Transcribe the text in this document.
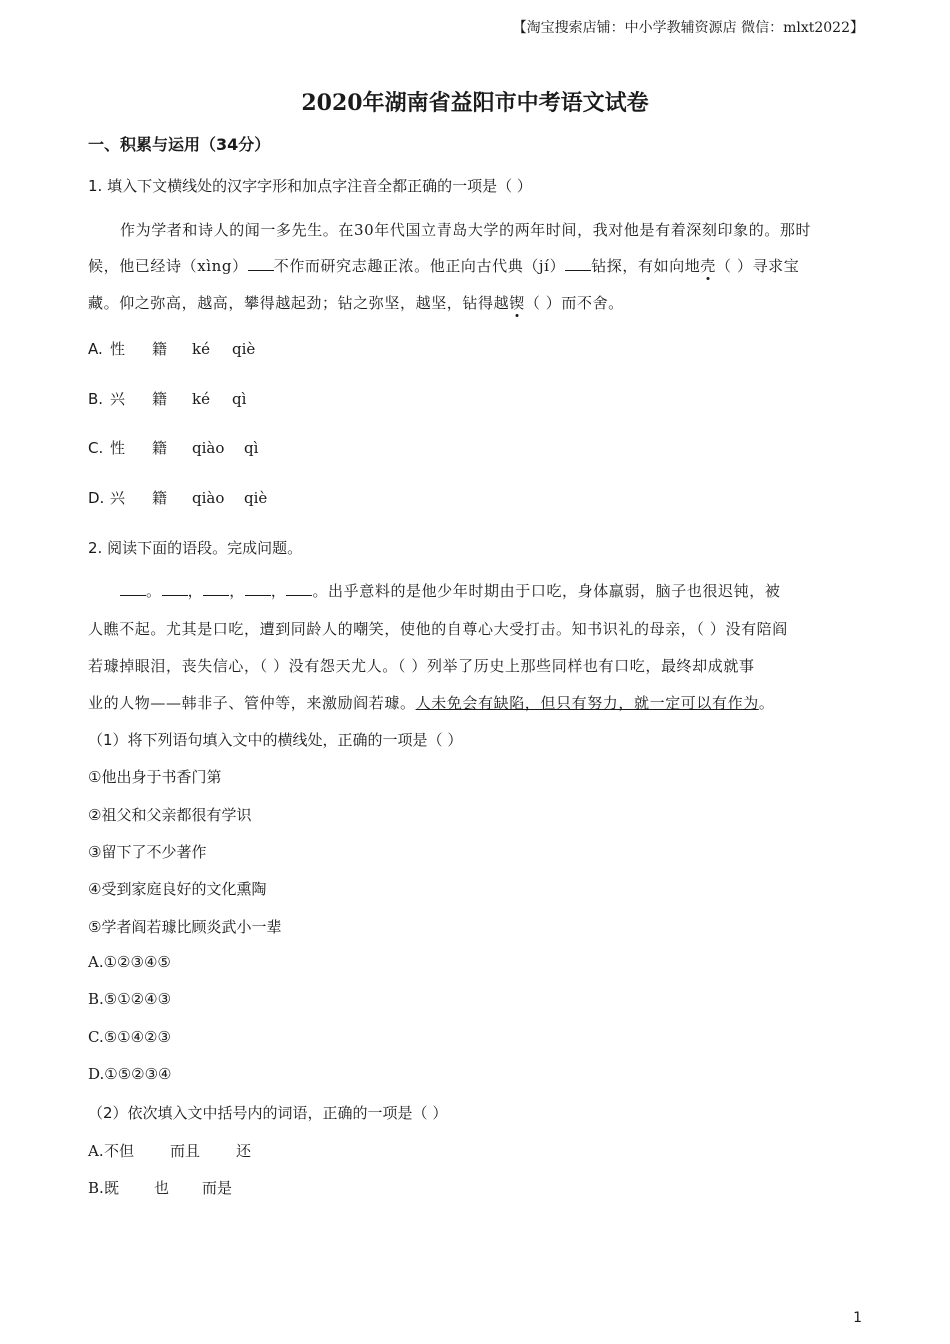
【淘宝搜索店铺：中小学教辅资源店 微信：mlxt2022】
2020年湖南省益阳市中考语文试卷
一、积累与运用（34分）
1. 填入下文横线处的汉字字形和加点字注音全都正确的一项是（ ）
作为学者和诗人的闻一多先生。在30年代国立青岛大学的两年时间，我对他是有着深刻印象的。那时
候，他已经诗（xìng） 不作而研究志趣正浓。他正向古代典（jí） 钻探，有如向地壳（ ）寻求宝
藏。仰之弥高，越高，攀得越起劲；钻之弥坚，越坚，钻得越锲（ ）而不舍。
A. 性 籍 ké qiè
B. 兴 籍 ké qì
C. 性 籍 qiào qì
D. 兴 籍 qiào qiè
2. 阅读下面的语段。完成问题。
。 ， ， ， 。出乎意料的是他少年时期由于口吃，身体羸弱，脑子也很迟钝，被
人瞧不起。尤其是口吃，遭到同龄人的嘲笑，使他的自尊心大受打击。知书识礼的母亲，（ ）没有陪阎
若璩掉眼泪，丧失信心，（ ）没有怨天尤人。（ ）列举了历史上那些同样也有口吃，最终却成就事
业的人物——韩非子、管仲等，来激励阎若璩。人未免会有缺陷，但只有努力，就一定可以有作为。
（1）将下列语句填入文中的横线处，正确的一项是（ ）
①他出身于书香门第
②祖父和父亲都很有学识
③留下了不少著作
④受到家庭良好的文化熏陶
⑤学者阎若璩比顾炎武小一辈
A.①②③④⑤
B.⑤①②④③
C.⑤①④②③
D.①⑤②③④
（2）依次填入文中括号内的词语，正确的一项是（ ）
A.不但 而且 还
B.既 也 而是
1
